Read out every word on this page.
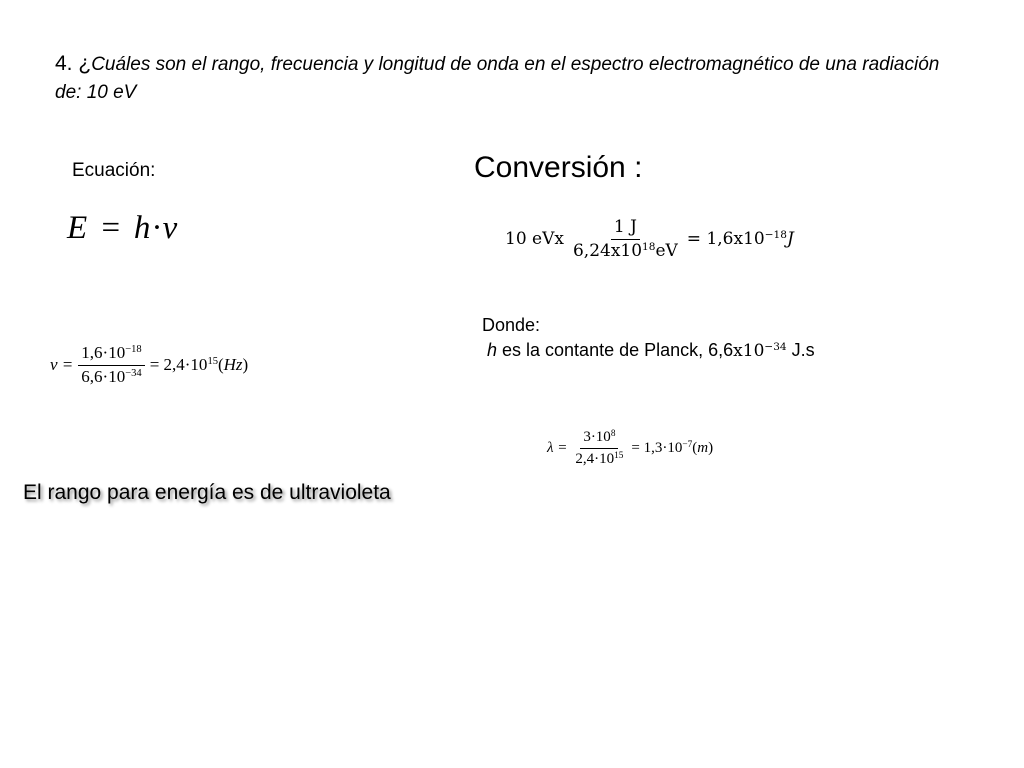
4. ¿Cuáles son el rango, frecuencia y longitud de onda en el espectro electromagnético de una radiación de: 10 eV
Ecuación:	Conversión :
E = h·ν	10 eVx $\frac{1 J}{6,24x10^{18}eV} = 1,6x10^{-18}J$
Donde:
h es la contante de Planck, $6,6x10^{-34}$ J.s
$\nu = \frac{1,6\cdot 10^{-18}}{6,6\cdot 10^{-34}} = 2,4\cdot 10^{15}(Hz)$
$\lambda = \frac{3\cdot 10^8}{2,4\cdot 10^{15}} = 1,3\cdot 10^{-7}(m)$
El rango para energía es de ultravioleta
